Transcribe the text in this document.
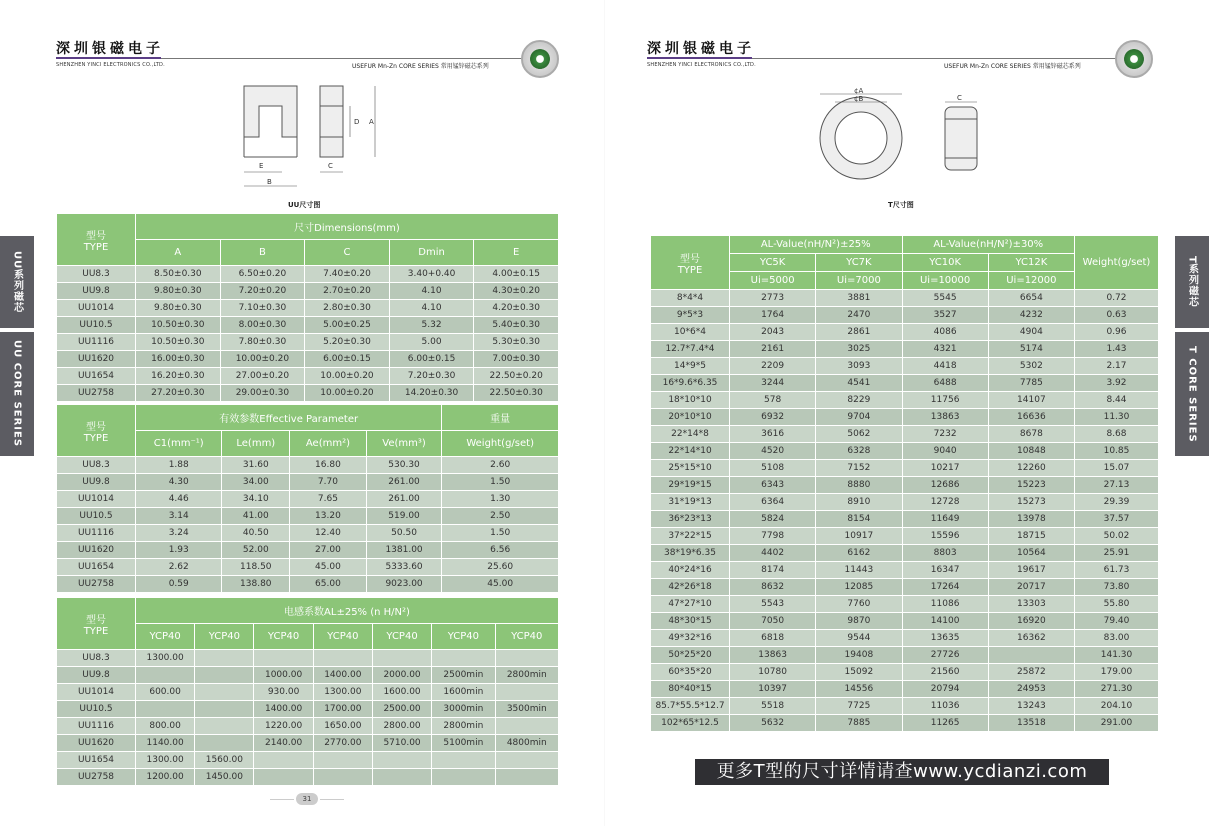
深圳银磁电子
SHENZHEN YINCI ELECTRONICS CO.,LTD.	USEFUR Mn-Zn CORE SERIES 常用锰锌磁芯系列
D A
E
B
C
UU尺寸图
UU系列磁芯
UU CORE SERIES
型号
TYPE	尺寸Dimensions(mm)				
	A	B	C	Dmin	E
UU8.3	8.50±0.30	6.50±0.20	7.40±0.20	3.40+0.40	4.00±0.15
UU9.8	9.80±0.30	7.20±0.20	2.70±0.20	4.10	4.30±0.20
UU1014	9.80±0.30	7.10±0.30	2.80±0.30	4.10	4.20±0.30
UU10.5	10.50±0.30	8.00±0.30	5.00±0.25	5.32	5.40±0.30
UU1116	10.50±0.30	7.80±0.30	5.20±0.30	5.00	5.30±0.30
UU1620	16.00±0.30	10.00±0.20	6.00±0.15	6.00±0.15	7.00±0.30
UU1654	16.20±0.30	27.00±0.20	10.00±0.20	7.20±0.30	22.50±0.20
UU2758	27.20±0.30	29.00±0.30	10.00±0.20	14.20±0.30	22.50±0.30
型号
TYPE	有效参数Effective Parameter				重量
	C1(mm⁻¹)	Le(mm)	Ae(mm²)	Ve(mm³)	Weight(g/set)
UU8.3	1.88	31.60	16.80	530.30	2.60
UU9.8	4.30	34.00	7.70	261.00	1.50
UU1014	4.46	34.10	7.65	261.00	1.30
UU10.5	3.14	41.00	13.20	519.00	2.50
UU1116	3.24	40.50	12.40	50.50	1.50
UU1620	1.93	52.00	27.00	1381.00	6.56
UU1654	2.62	118.50	45.00	5333.60	25.60
UU2758	0.59	138.80	65.00	9023.00	45.00
型号
TYPE	电感系数AL±25% (n H/N²)						
	YCP40	YCP40	YCP40	YCP40	YCP40	YCP40	YCP40
UU8.3	1300.00						
UU9.8			1000.00	1400.00	2000.00	2500min	2800min
UU1014	600.00		930.00	1300.00	1600.00	1600min	
UU10.5			1400.00	1700.00	2500.00	3000min	3500min
UU1116	800.00		1220.00	1650.00	2800.00	2800min	
UU1620	1140.00		2140.00	2770.00	5710.00	5100min	4800min
UU1654	1300.00	1560.00					
UU2758	1200.00	1450.00					
31
深圳银磁电子
SHENZHEN YINCI ELECTRONICS CO.,LTD.	USEFUR Mn-Zn CORE SERIES 常用锰锌磁芯系列
¢A
¢B	C
T尺寸图
T系列磁芯
T CORE SERIES
型号
TYPE	AL-Value(nH/N²)±25%		AL-Value(nH/N²)±30%		Weight(g/set)
	YC5K	YC7K	YC10K	YC12K	
	Ui=5000	Ui=7000	Ui=10000	Ui=12000	
8*4*4	2773	3881	5545	6654	0.72
9*5*3	1764	2470	3527	4232	0.63
10*6*4	2043	2861	4086	4904	0.96
12.7*7.4*4	2161	3025	4321	5174	1.43
14*9*5	2209	3093	4418	5302	2.17
16*9.6*6.35	3244	4541	6488	7785	3.92
18*10*10	578	8229	11756	14107	8.44
20*10*10	6932	9704	13863	16636	11.30
22*14*8	3616	5062	7232	8678	8.68
22*14*10	4520	6328	9040	10848	10.85
25*15*10	5108	7152	10217	12260	15.07
29*19*15	6343	8880	12686	15223	27.13
31*19*13	6364	8910	12728	15273	29.39
36*23*13	5824	8154	11649	13978	37.57
37*22*15	7798	10917	15596	18715	50.02
38*19*6.35	4402	6162	8803	10564	25.91
40*24*16	8174	11443	16347	19617	61.73
42*26*18	8632	12085	17264	20717	73.80
47*27*10	5543	7760	11086	13303	55.80
48*30*15	7050	9870	14100	16920	79.40
49*32*16	6818	9544	13635	16362	83.00
50*25*20	13863	19408	27726		141.30
60*35*20	10780	15092	21560	25872	179.00
80*40*15	10397	14556	20794	24953	271.30
85.7*55.5*12.7	5518	7725	11036	13243	204.10
102*65*12.5	5632	7885	11265	13518	291.00
更多T型的尺寸详情请查www.ycdianzi.com
